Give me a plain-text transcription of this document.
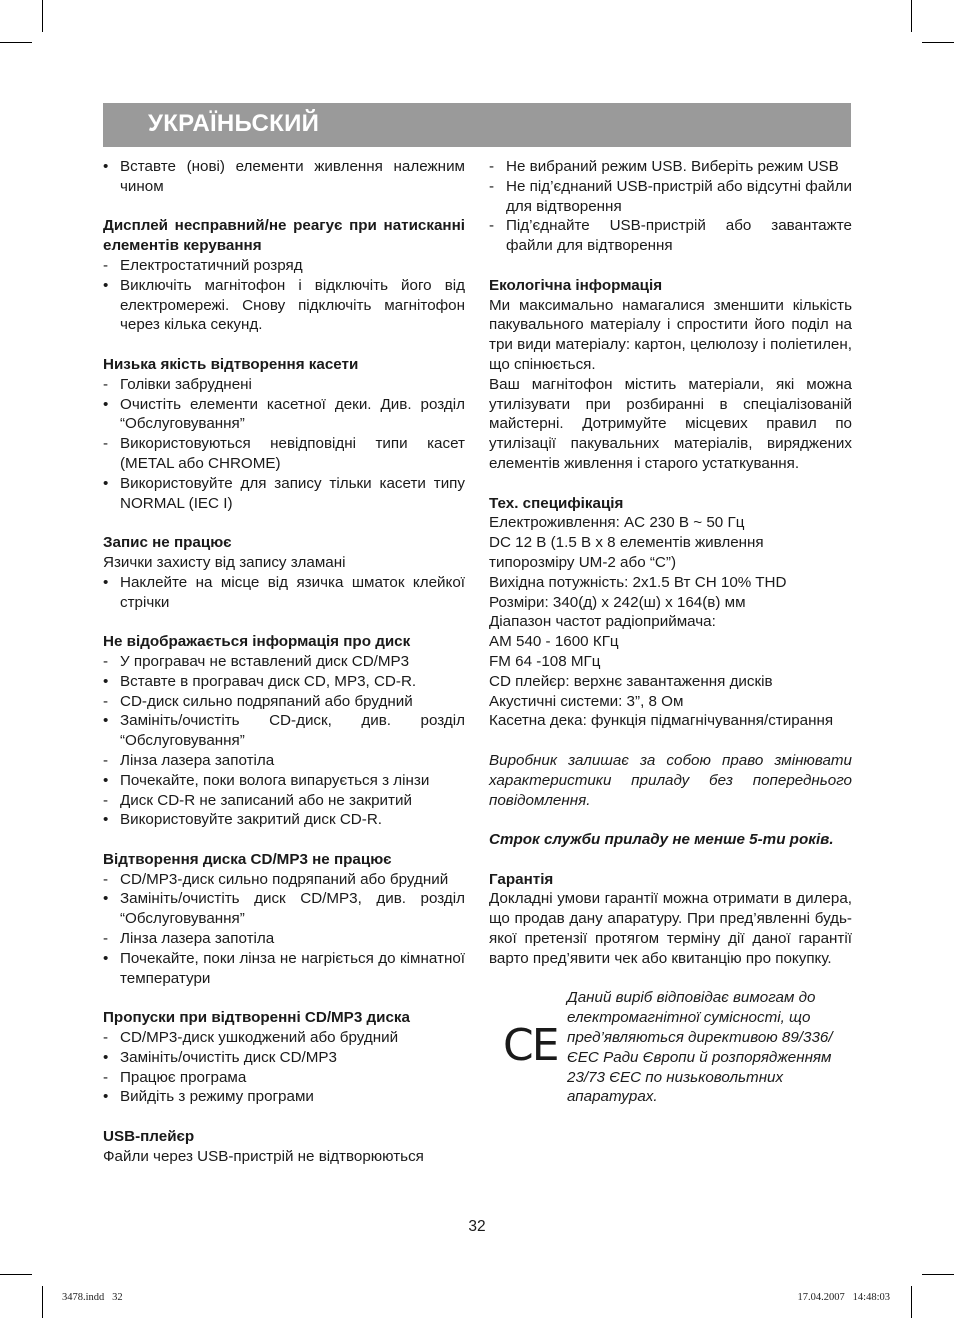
УКРАЇНЬСКИЙ
• Вставте (нові) елементи живлення належним чином
Дисплей несправний/не реагує при натисканні елементів керування
- Електростатичний розряд
• Виключіть магнітофон і відключіть його від електромережі. Снову підключіть магнітофон через кілька секунд.
Низька якість відтворення касети
- Голівки забруднені
• Очистіть елементи касетної деки. Див. розділ “Обслуговування”
- Використовуються невідповідні типи касет (METAL або CHROME)
• Використовуйте для запису тільки касети типу NORMAL (IEC I)
Запис не працює
Язички захисту від запису зламані
• Наклейте на місце від язичка шматок клейкої стрічки
Не відображається інформація про диск
- У програвач не вставлений диск CD/MP3
• Вставте в програвач диск CD, MP3, CD-R.
- CD-диск сильно подряпаний або брудний
• Замініть/очистіть CD-диск, див. розділ “Обслуговування”
- Лінза лазера запотіла
• Почекайте, поки волога випарується з лінзи
- Диск CD-R не записаний або не закритий
• Використовуйте закритий диск CD-R.
Відтворення диска CD/MP3 не працює
- CD/MP3-диск сильно подряпаний або брудний
• Замініть/очистіть диск CD/MP3, див. розділ “Обслуговування”
- Лінза лазера запотіла
• Почекайте, поки лінза не нагріється до кімнатної температури
Пропуски при відтворенні CD/MP3 диска
- CD/MP3-диск ушкоджений або брудний
• Замініть/очистіть диск CD/MP3
- Працює програма
• Вийдіть з режиму програми
USB-плейєр
Файли через USB-пристрій не відтворюються
- Не вибраний режим USB. Виберіть режим USB
- Не під’єднаний USB-пристрій або відсутні файли для відтворення
- Під’єднайте USB-пристрій або завантажте файли для відтворення
Екологічна інформація
Ми максимально намагалися зменшити кількість пакувального матеріалу і спростити його поділ на три види матеріалу: картон, целюлозу і поліетилен, що спінюється.
Ваш магнітофон містить матеріали, які можна утилізувати при розбиранні в спеціалізованій майстерні. Дотримуйте місцевих правил по утилізації пакувальних матеріалів, виряджених елементів живлення і старого устаткування.
Тех. специфікація
Електроживлення: AC 230 В ~ 50 Гц
DC 12 В (1.5 В х 8 елементів живлення типорозміру UM-2 або “C”)
Вихідна потужність: 2x1.5 Вт CH 10% THD
Розміри: 340(д) х 242(ш) х 164(в) мм
Діапазон частот радіоприймача:
AM 540 - 1600 КГц
FM 64 -108 МГц
CD плейєр: верхнє завантаження дисків
Акустичні системи: 3”, 8 Ом
Касетна дека: функція підмагнічування/стирання
Виробник залишає за собою право змінювати характеристики приладу без попереднього повідомлення.
Строк служби приладу не менше 5-ти років.
Гарантія
Докладні умови гарантії можна отримати в дилера, що продав дану апаратуру. При пред’явленні будь-якої претензії протягом терміну дії даної гарантії варто пред’явити чек або квитанцію про покупку.
CE
Даний виріб відповідає вимогам до електромагнітної сумісності, що пред’являються директивою 89/336/ЄЕС Ради Європи й розпорядженням 23/73 ЄЕС по низьковольтних апаратурах.
32
3478.indd   32	17.04.2007   14:48:03
